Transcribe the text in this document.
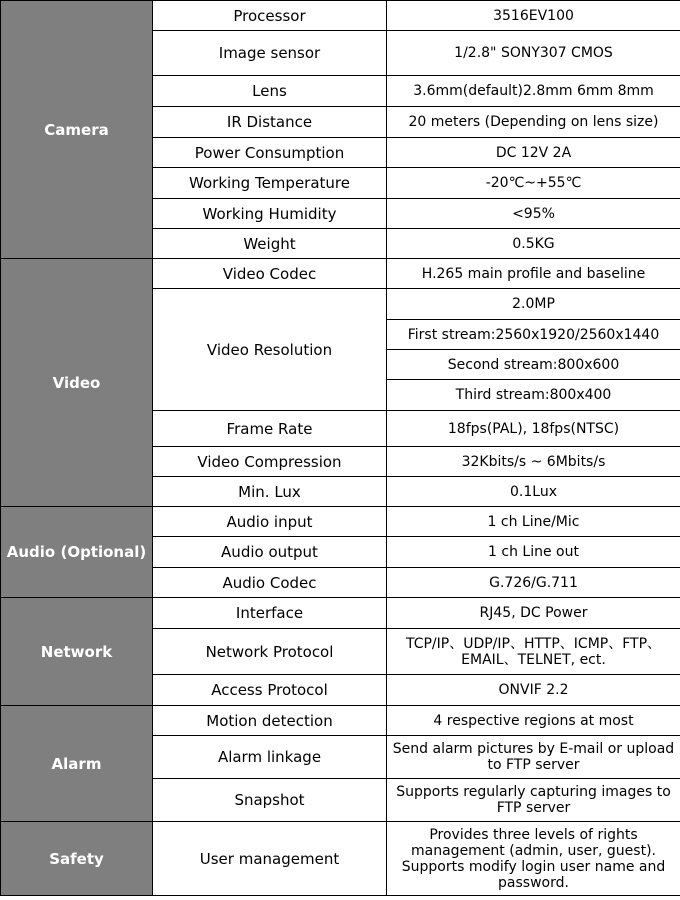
Camera	Processor	3516EV100
	Image sensor	1/2.8" SONY307 CMOS
	Lens	3.6mm(default)2.8mm 6mm 8mm
	IR Distance	20 meters (Depending on lens size)
	Power Consumption	DC 12V 2A
	Working Temperature	-20℃~+55℃
	Working Humidity	<95%
	Weight	0.5KG
Video	Video Codec	H.265 main profile and baseline
	Video Resolution	2.0MP
		First stream:2560x1920/2560x1440
		Second stream:800x600
		Third stream:800x400
	Frame Rate	18fps(PAL), 18fps(NTSC)
	Video Compression	32Kbits/s ~ 6Mbits/s
	Min. Lux	0.1Lux
Audio (Optional)	Audio input	1 ch Line/Mic
	Audio output	1 ch Line out
	Audio Codec	G.726/G.711
Network	Interface	RJ45, DC Power
	Network Protocol	TCP/IP、UDP/IP、HTTP、ICMP、FTP、EMAIL、TELNET, ect.
	Access Protocol	ONVIF 2.2
Alarm	Motion detection	4 respective regions at most
	Alarm linkage	Send alarm pictures by E-mail or upload to FTP server
	Snapshot	Supports regularly capturing images to FTP server
Safety	User management	Provides three levels of rights management (admin, user, guest). Supports modify login user name and password.
